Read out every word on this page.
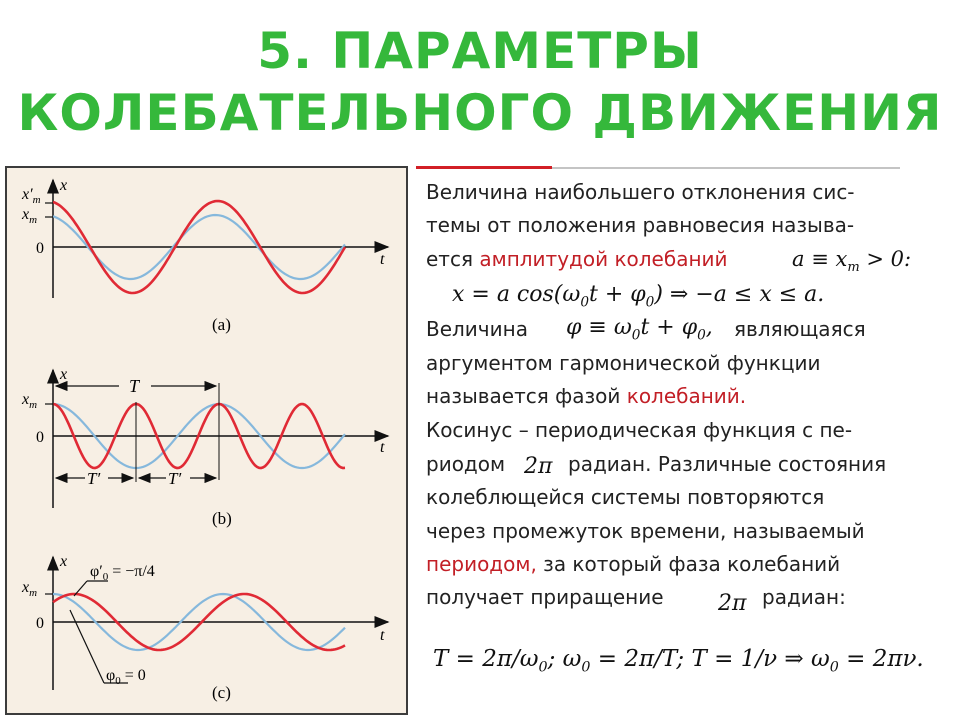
5. ПАРАМЕТРЫ
КОЛЕБАТЕЛЬНОГО ДВИЖЕНИЯ
x
t
$x'_m$
$x_m$
0
(a)
x
t
$x_m$
0
T
T′	T′
(b)
x
t
$x_m$
0
$\varphi'_0 = -\pi/4$
$\varphi_0 = 0$
(c)
Величина наибольшего отклонения сис-
темы от положения равновесия называ-
ется амплитудой колебаний	$a \equiv x_m > 0$:
x = a $\cos(\omega_0t + \varphi_0)$ ⇒ −a ≤ x ≤ a.
Величина	$\varphi \equiv \omega_0t + \varphi_0$, являющаяся
аргументом гармонической функции
называется фазой колебаний.
Косинус – периодическая функция с пе-
риодом 2π радиан. Различные состояния
колеблющейся системы повторяются
через промежуток времени, называемый
периодом, за который фаза колебаний
получает приращение	2π радиан:
$T = 2\pi/\omega_0$; $\omega_0 = 2\pi/T$; T = 1/ν ⇒ $\omega_0 = 2\pi\nu$.
